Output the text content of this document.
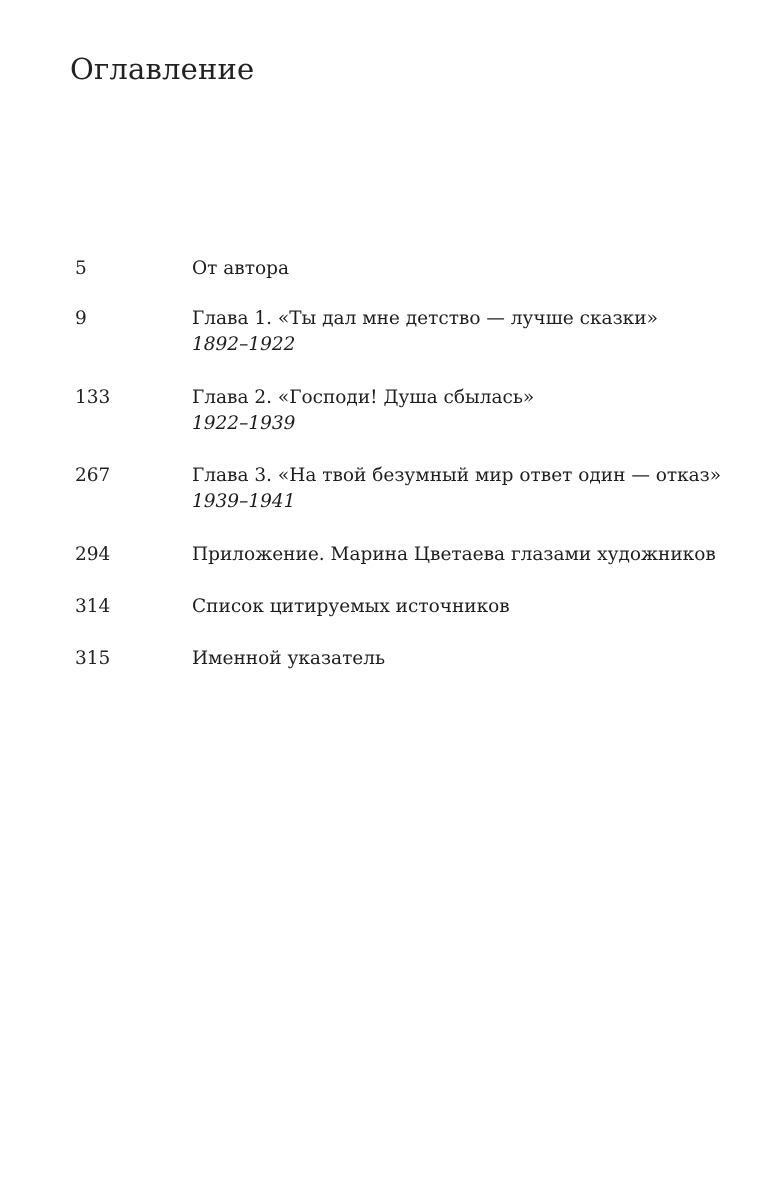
Оглавление
5	От автора
9	Глава 1. «Ты дал мне детство — лучше сказки»
1892–1922
133	Глава 2. «Господи! Душа сбылась»
1922–1939
267	Глава 3. «На твой безумный мир ответ один — отказ»
1939–1941
294	Приложение. Марина Цветаева глазами художников
314	Список цитируемых источников
315	Именной указатель
